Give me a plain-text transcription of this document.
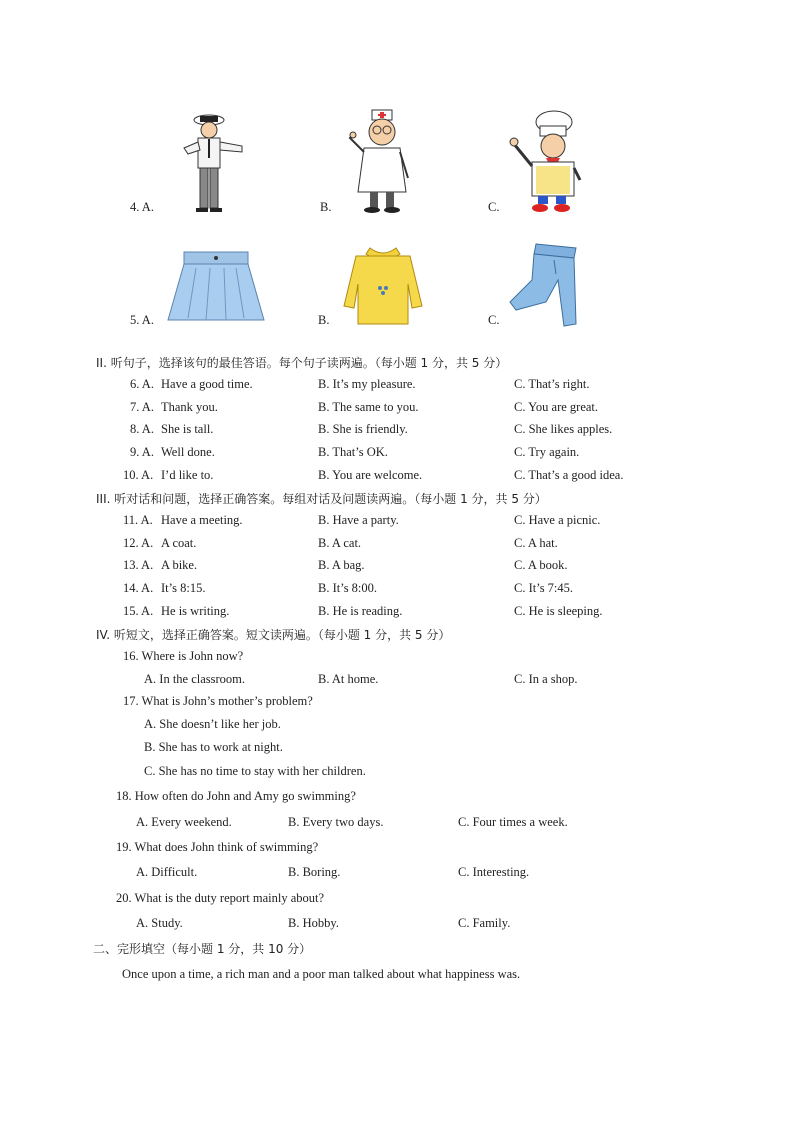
4. A.	B.	C.
5. A.	B.	C.
II. 听句子，选择该句的最佳答语。每个句子读两遍。（每小题 1 分，共 5 分）
6. A. Have a good time.	B. It’s my pleasure.	C. That’s right.
7. A. Thank you.	B. The same to you.	C. You are great.
8. A. She is tall.	B. She is friendly.	C. She likes apples.
9. A. Well done.	B. That’s OK.	C. Try again.
10. A. I’d like to.	B. You are welcome.	C. That’s a good idea.
III. 听对话和问题，选择正确答案。每组对话及问题读两遍。（每小题 1 分，共 5 分）
11. A. Have a meeting.	B. Have a party.	C. Have a picnic.
12. A. A coat.	B. A cat.	C. A hat.
13. A. A bike.	B. A bag.	C. A book.
14. A. It’s 8:15.	B. It’s 8:00.	C. It’s 7:45.
15. A. He is writing.	B. He is reading.	C. He is sleeping.
IV. 听短文，选择正确答案。短文读两遍。（每小题 1 分，共 5 分）
16. Where is John now?
A. In the classroom.	B. At home.	C. In a shop.
17. What is John’s mother’s problem?
A. She doesn’t like her job.
B. She has to work at night.
C. She has no time to stay with her children.
18. How often do John and Amy go swimming?
A. Every weekend.	B. Every two days.	C. Four times a week.
19. What does John think of swimming?
A. Difficult.	B. Boring.	C. Interesting.
20. What is the duty report mainly about?
A. Study.	B. Hobby.	C. Family.
二、完形填空（每小题 1 分，共 10 分）
Once upon a time, a rich man and a poor man talked about what happiness was.
